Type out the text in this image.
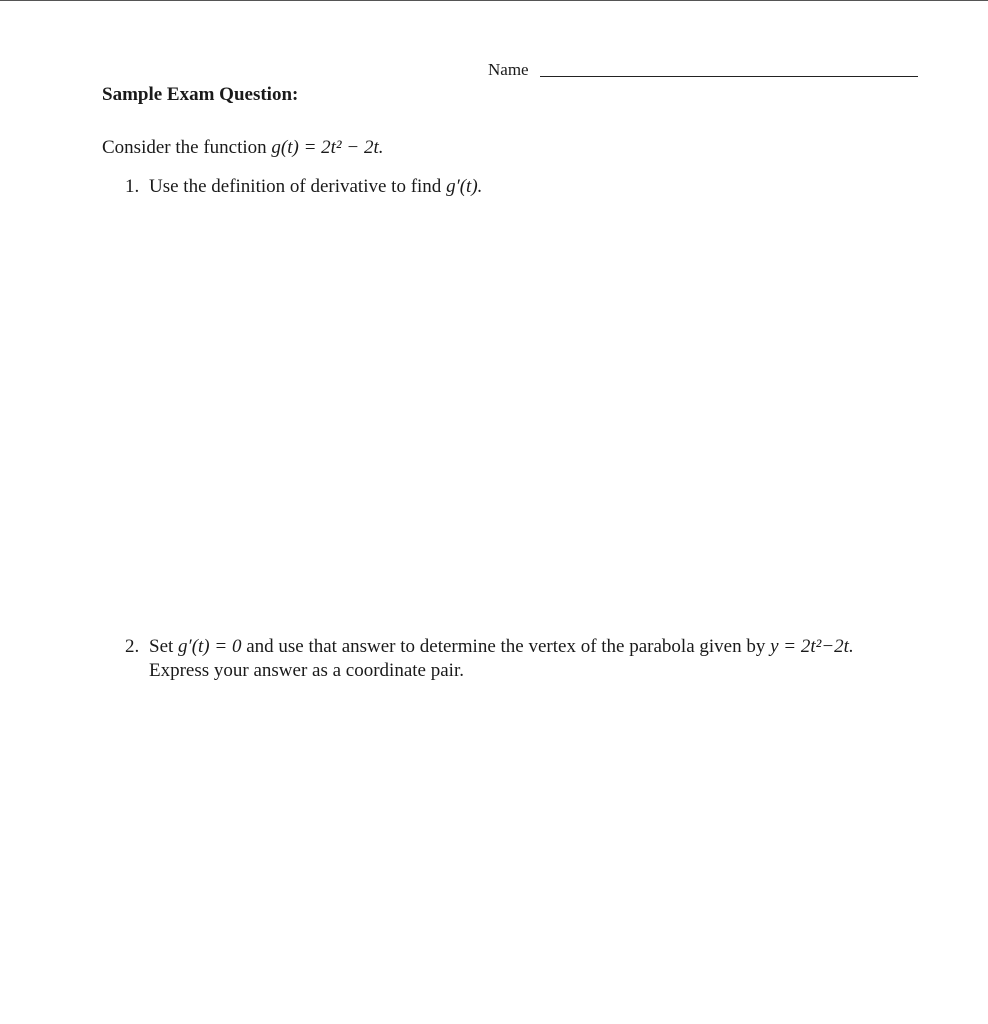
Name
Sample Exam Question:
Consider the function g(t) = 2t² − 2t.
1. Use the definition of derivative to find g′(t).
2. Set g′(t) = 0 and use that answer to determine the vertex of the parabola given by y = 2t²−2t.
Express your answer as a coordinate pair.
